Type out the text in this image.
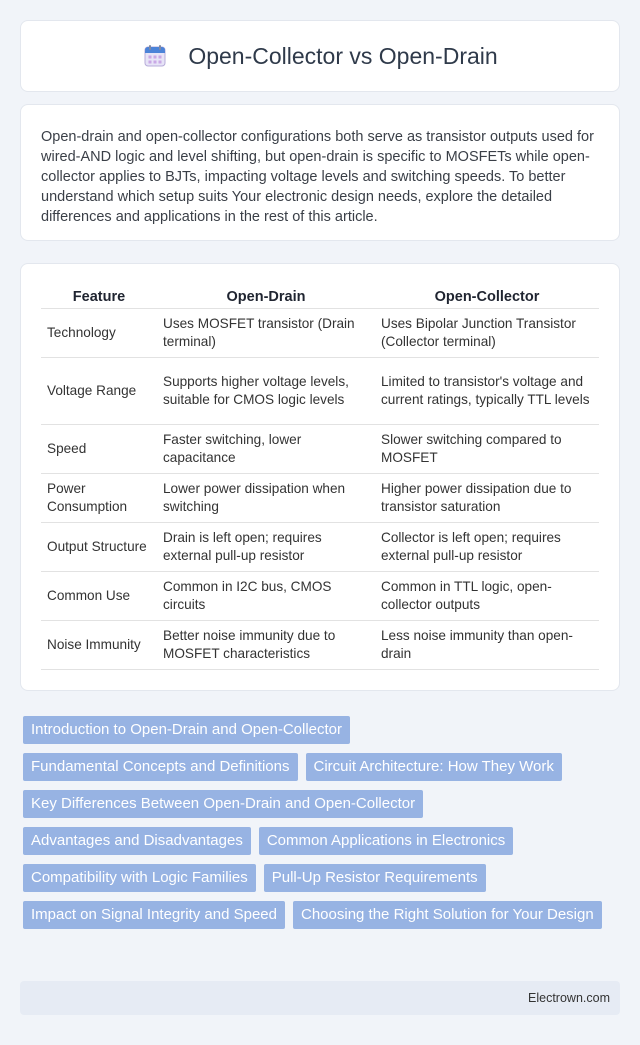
Open-Collector vs Open-Drain

Open-drain and open-collector configurations both serve as transistor outputs used for wired-AND logic and level shifting, but open-drain is specific to MOSFETs while open-collector applies to BJTs, impacting voltage levels and switching speeds. To better understand which setup suits Your electronic design needs, explore the detailed differences and applications in the rest of this article.

Feature	Open-Drain	Open-Collector
Technology	Uses MOSFET transistor (Drain terminal)	Uses Bipolar Junction Transistor (Collector terminal)
Voltage Range	Supports higher voltage levels, suitable for CMOS logic levels	Limited to transistor's voltage and current ratings, typically TTL levels
Speed	Faster switching, lower capacitance	Slower switching compared to MOSFET
Power Consumption	Lower power dissipation when switching	Higher power dissipation due to transistor saturation
Output Structure	Drain is left open; requires external pull-up resistor	Collector is left open; requires external pull-up resistor
Common Use	Common in I2C bus, CMOS circuits	Common in TTL logic, open-collector outputs
Noise Immunity	Better noise immunity due to MOSFET characteristics	Less noise immunity than open-drain
Introduction to Open-Drain and Open-Collector
Fundamental Concepts and Definitions	Circuit Architecture: How They Work
Key Differences Between Open-Drain and Open-Collector
Advantages and Disadvantages	Common Applications in Electronics
Compatibility with Logic Families	Pull-Up Resistor Requirements
Impact on Signal Integrity and Speed	Choosing the Right Solution for Your Design
Electrown.com
